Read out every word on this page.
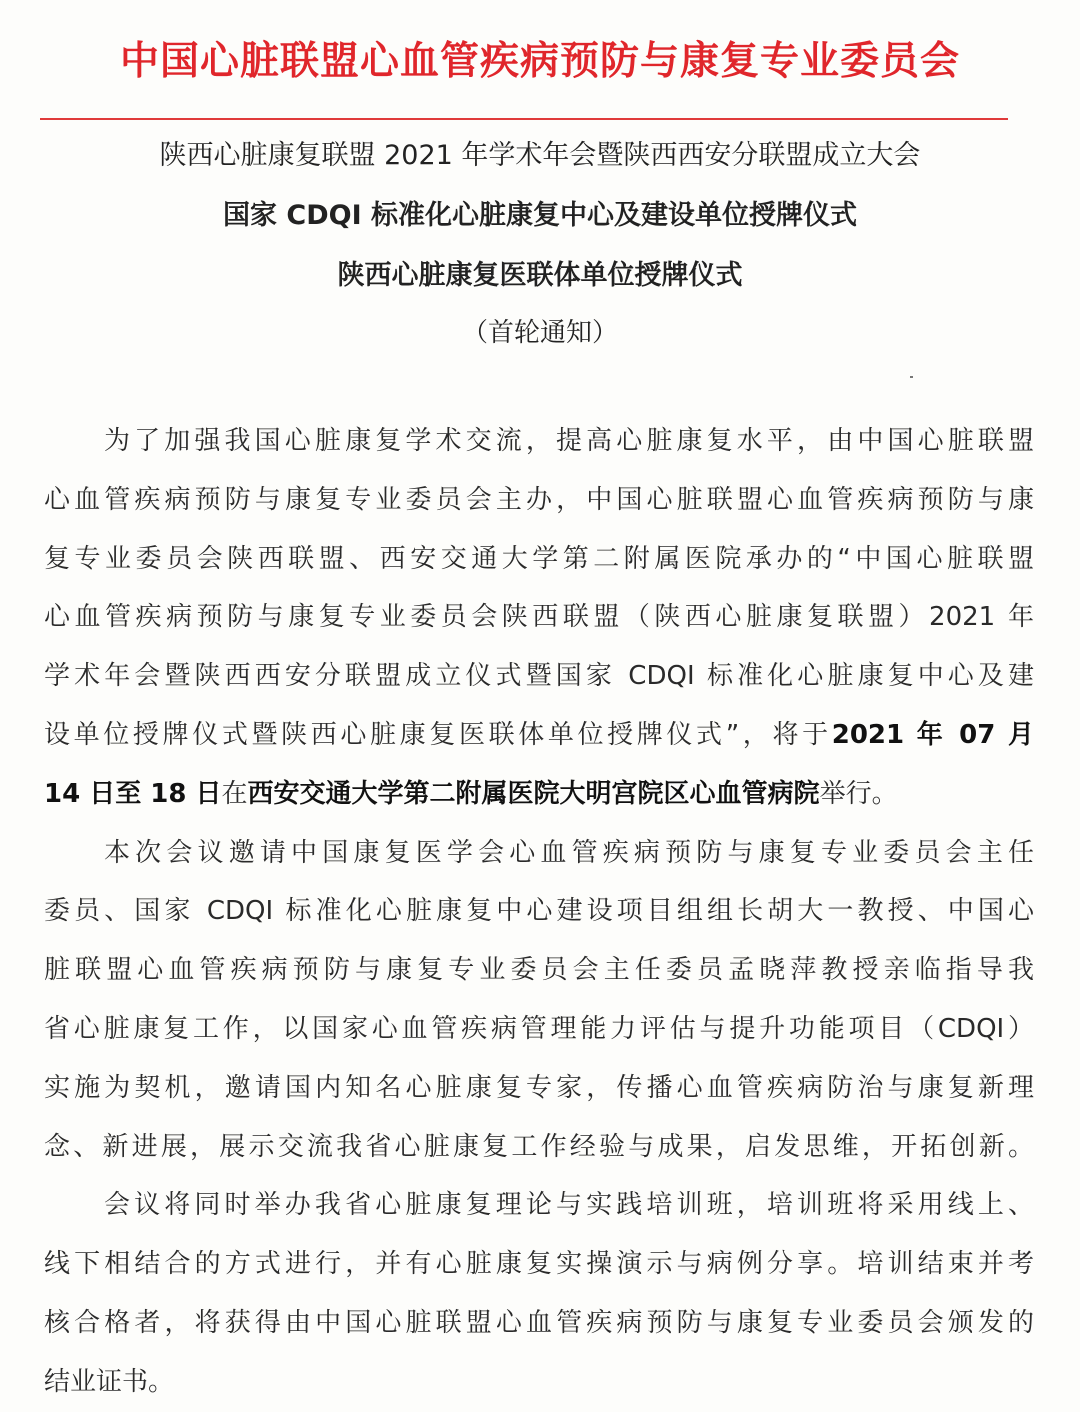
中国心脏联盟心血管疾病预防与康复专业委员会
陕西心脏康复联盟 2021 年学术年会暨陕西西安分联盟成立大会
国家 CDQI 标准化心脏康复中心及建设单位授牌仪式
陕西心脏康复医联体单位授牌仪式
（首轮通知）
为了加强我国心脏康复学术交流，提高心脏康复水平，由中国心脏联盟
心血管疾病预防与康复专业委员会主办，中国心脏联盟心血管疾病预防与康
复专业委员会陕西联盟、西安交通大学第二附属医院承办的“中国心脏联盟
心血管疾病预防与康复专业委员会陕西联盟（陕西心脏康复联盟）2021 年
学术年会暨陕西西安分联盟成立仪式暨国家 CDQI 标准化心脏康复中心及建
设单位授牌仪式暨陕西心脏康复医联体单位授牌仪式”，将于2021 年 07 月
14 日至 18 日在西安交通大学第二附属医院大明宫院区心血管病院举行。
本次会议邀请中国康复医学会心血管疾病预防与康复专业委员会主任
委员、国家 CDQI 标准化心脏康复中心建设项目组组长胡大一教授、中国心
脏联盟心血管疾病预防与康复专业委员会主任委员孟晓萍教授亲临指导我
省心脏康复工作，以国家心血管疾病管理能力评估与提升功能项目（CDQI）
实施为契机，邀请国内知名心脏康复专家，传播心血管疾病防治与康复新理
念、新进展，展示交流我省心脏康复工作经验与成果，启发思维，开拓创新。
会议将同时举办我省心脏康复理论与实践培训班，培训班将采用线上、
线下相结合的方式进行，并有心脏康复实操演示与病例分享。培训结束并考
核合格者，将获得由中国心脏联盟心血管疾病预防与康复专业委员会颁发的
结业证书。
